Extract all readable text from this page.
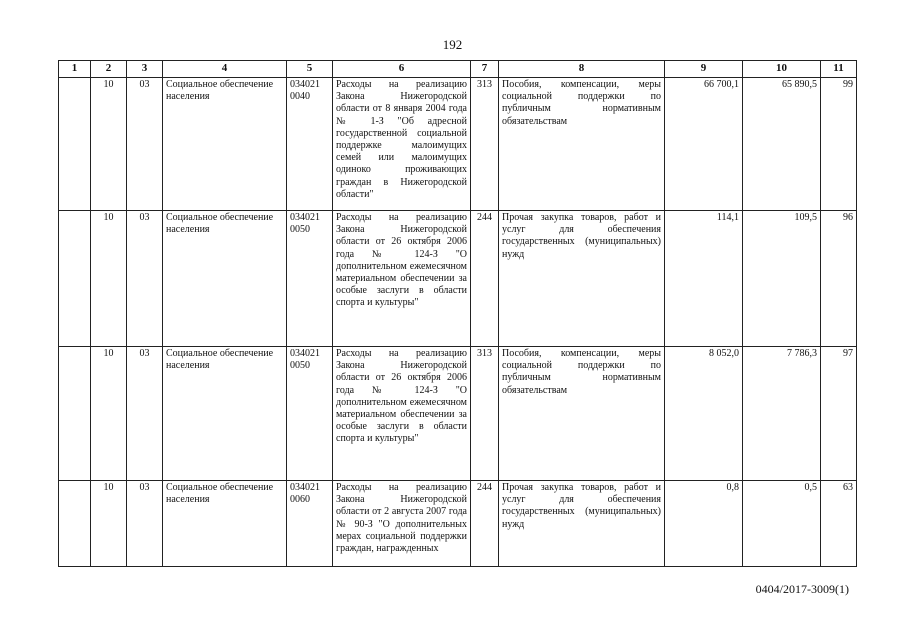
192
1	2	3	4	5	6	7	8	9	10	11
	10	03	Социальное обеспечение населения	034021 0040	Расходы на реализацию Закона Нижегородской области от 8 января 2004 года № 1-З "Об адресной государственной социальной поддержке малоимущих семей или малоимущих одиноко проживающих граждан в Нижегородской области"	313	Пособия, компенсации, меры социальной поддержки по публичным нормативным обязательствам	66 700,1	65 890,5	99
	10	03	Социальное обеспечение населения	034021 0050	Расходы на реализацию Закона Нижегородской области от 26 октября 2006 года № 124-З "О дополнительном ежемесячном материальном обеспечении за особые заслуги в области спорта и культуры"	244	Прочая закупка товаров, работ и услуг для обеспечения государственных (муниципальных) нужд	114,1	109,5	96
	10	03	Социальное обеспечение населения	034021 0050	Расходы на реализацию Закона Нижегородской области от 26 октября 2006 года № 124-З "О дополнительном ежемесячном материальном обеспечении за особые заслуги в области спорта и культуры"	313	Пособия, компенсации, меры социальной поддержки по публичным нормативным обязательствам	8 052,0	7 786,3	97
	10	03	Социальное обеспечение населения	034021 0060	Расходы на реализацию Закона Нижегородской области от 2 августа 2007 года № 90-З "О дополнительных мерах социальной поддержки граждан, награжденных	244	Прочая закупка товаров, работ и услуг для обеспечения государственных (муниципальных) нужд	0,8	0,5	63
0404/2017-3009(1)
